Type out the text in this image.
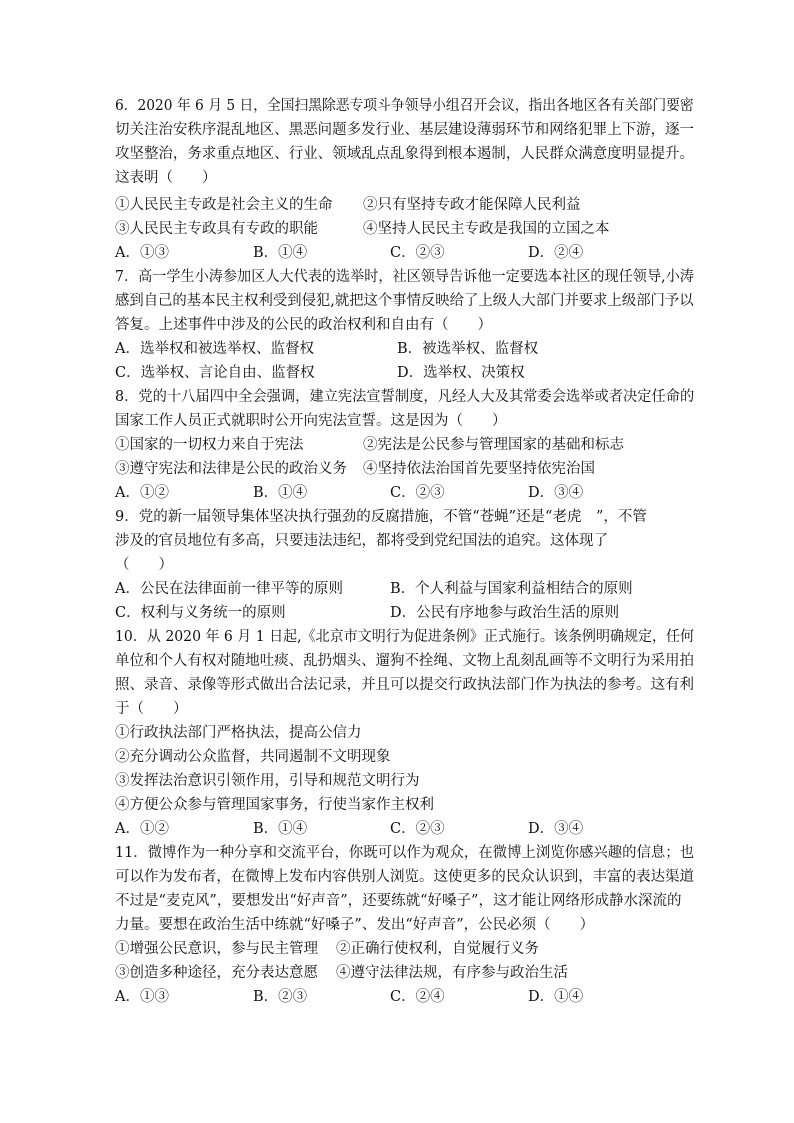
6．2020 年 6 月 5 日，全国扫黑除恶专项斗争领导小组召开会议，指出各地区各有关部门要密
切关注治安秩序混乱地区、黑恶问题多发行业、基层建设薄弱环节和网络犯罪上下游，逐一
攻坚整治，务求重点地区、行业、领域乱点乱象得到根本遏制，人民群众满意度明显提升。
这表明（　　）
①人民民主专政是社会主义的生命 ②只有坚持专政才能保障人民利益
③人民民主专政具有专政的职能	④坚持人民民主专政是我国的立国之本
A．①③	B．①④	C．②③	D．②④
7．高一学生小涛参加区人大代表的选举时，社区领导告诉他一定要选本社区的现任领导,小涛
感到自己的基本民主权利受到侵犯,就把这个事情反映给了上级人大部门并要求上级部门予以
答复。上述事件中涉及的公民的政治权利和自由有（　　）
A．选举权和被选举权、监督权	B．被选举权、监督权
C．选举权、言论自由、监督权	D．选举权、决策权
8．党的十八届四中全会强调，建立宪法宣誓制度，凡经人大及其常委会选举或者决定任命的
国家工作人员正式就职时公开向宪法宣誓。这是因为（　　）
①国家的一切权力来自于宪法	②宪法是公民参与管理国家的基础和标志
③遵守宪法和法律是公民的政治义务 ④坚持依法治国首先要坚持依宪治国
A．①②	B．①④	C．②③	D．③④
9．党的新一届领导集体坚决执行强劲的反腐措施，不管“苍蝇”还是“老虎　”，不管
涉及的官员地位有多高，只要违法违纪，都将受到党纪国法的追究。这体现了
（　　）
A．公民在法律面前一律平等的原则	B．个人利益与国家利益相结合的原则
C．权利与义务统一的原则	D．公民有序地参与政治生活的原则
10．从 2020 年 6 月 1 日起,《北京市文明行为促进条例》正式施行。该条例明确规定，任何
单位和个人有权对随地吐痰、乱扔烟头、遛狗不拴绳、文物上乱刻乱画等不文明行为采用拍
照、录音、录像等形式做出合法记录，并且可以提交行政执法部门作为执法的参考。这有利
于（　　）
①行政执法部门严格执法，提高公信力
②充分调动公众监督，共同遏制不文明现象
③发挥法治意识引领作用，引导和规范文明行为
④方便公众参与管理国家事务，行使当家作主权利
A．①②	B．①④	C．②③	D．③④
11．微博作为一种分享和交流平台，你既可以作为观众，在微博上浏览你感兴趣的信息；也
可以作为发布者，在微博上发布内容供别人浏览。这使更多的民众认识到，丰富的表达渠道
不过是“麦克风”，要想发出“好声音”，还要练就“好嗓子”，这才能让网络形成静水深流的
力量。要想在政治生活中练就“好嗓子”、发出“好声音”，公民必须（　　）
①增强公民意识，参与民主管理 ②正确行使权利，自觉履行义务
③创造多种途径，充分表达意愿 ④遵守法律法规，有序参与政治生活
A．①③	B．②③	C．②④	D．①④
